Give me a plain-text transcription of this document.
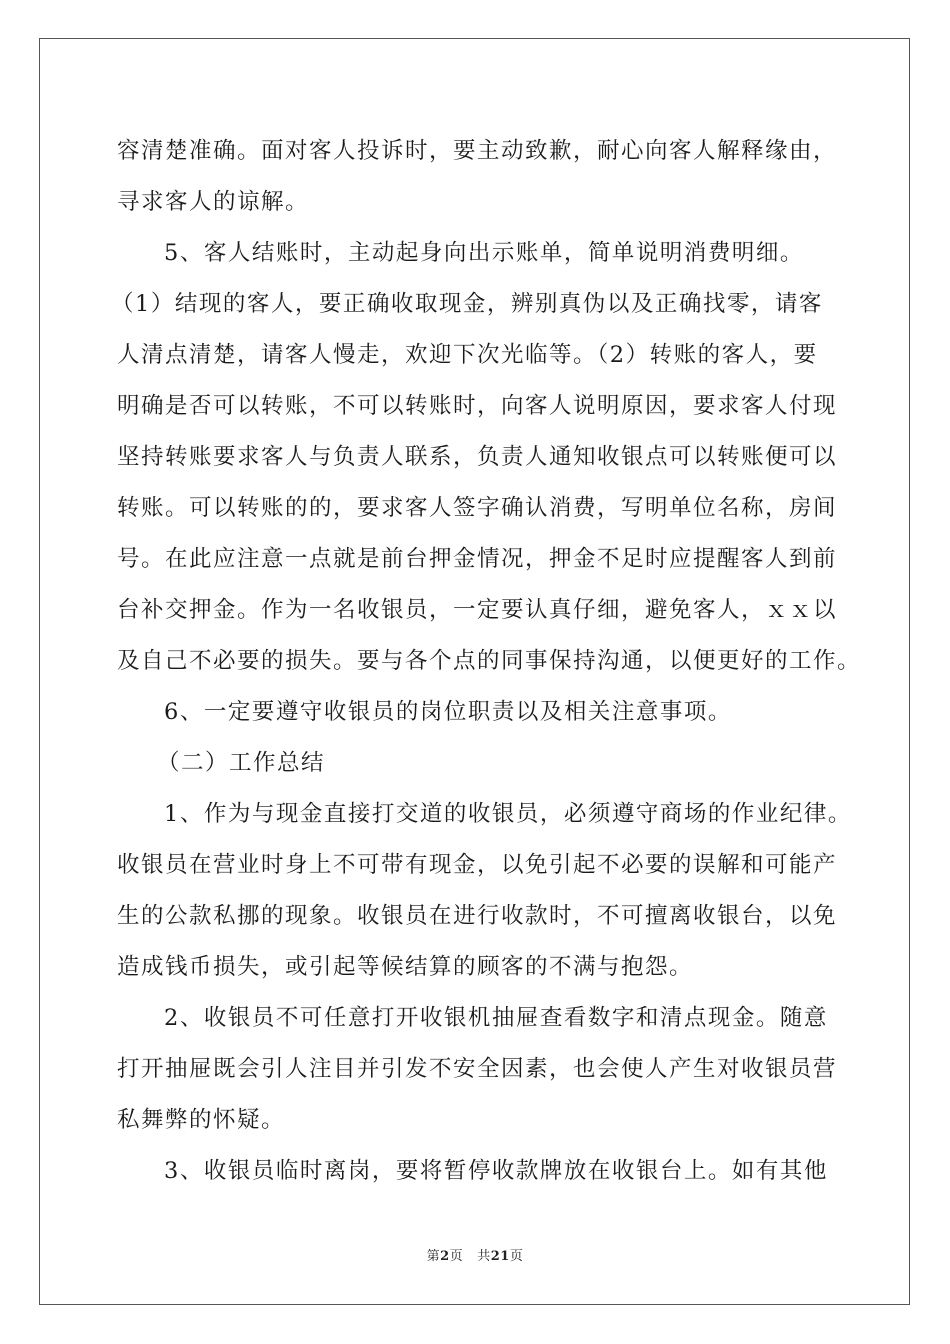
容清楚准确。面对客人投诉时，要主动致歉，耐心向客人解释缘由，
寻求客人的谅解。
5、客人结账时，主动起身向出示账单，简单说明消费明细。
（1）结现的客人，要正确收取现金，辨别真伪以及正确找零，请客
人清点清楚，请客人慢走，欢迎下次光临等。（2）转账的客人，要
明确是否可以转账，不可以转账时，向客人说明原因，要求客人付现
坚持转账要求客人与负责人联系，负责人通知收银点可以转账便可以
转账。可以转账的的，要求客人签字确认消费，写明单位名称，房间
号。在此应注意一点就是前台押金情况，押金不足时应提醒客人到前
台补交押金。作为一名收银员，一定要认真仔细，避免客人，ｘｘ以
及自己不必要的损失。要与各个点的同事保持沟通，以便更好的工作。
6、一定要遵守收银员的岗位职责以及相关注意事项。
（二）工作总结
1、作为与现金直接打交道的收银员，必须遵守商场的作业纪律。
收银员在营业时身上不可带有现金，以免引起不必要的误解和可能产
生的公款私挪的现象。收银员在进行收款时，不可擅离收银台，以免
造成钱币损失，或引起等候结算的顾客的不满与抱怨。
2、收银员不可任意打开收银机抽屉查看数字和清点现金。随意
打开抽屉既会引人注目并引发不安全因素，也会使人产生对收银员营
私舞弊的怀疑。
3、收银员临时离岗，要将暂停收款牌放在收银台上。如有其他
第2页 共21页
